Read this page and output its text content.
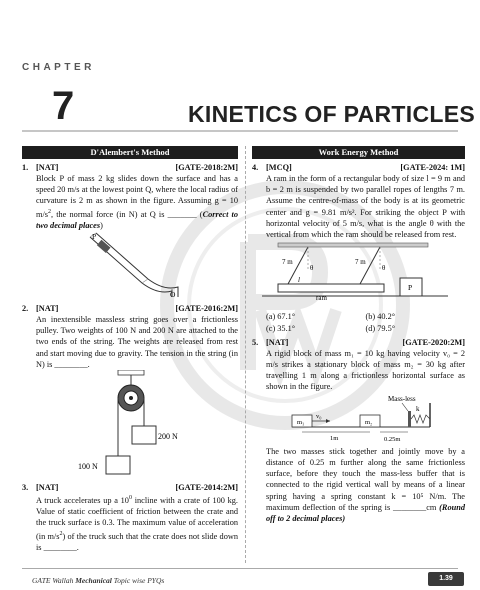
CHAPTER
7	KINETICS OF PARTICLES
D'Alembert's Method
1. [NAT]	[GATE-2018:2M]
Block P of mass 2 kg slides down the surface and has a speed 20 m/s at the lowest point Q, where the local radius of curvature is 2 m as shown in the figure. Assuming g = 10 $m/s^2$, the normal force (in N) at Q is _______ (Correct to two decimal places)
P
Q
2. [NAT]	[GATE-2016:2M]
An inextensible massless string goes over a frictionless pulley. Two weights of 100 N and 200 N are attached to the two ends of the string. The weights are released from rest and start moving due to gravity. The tension in the string (in N) is ________.
200 N
100 N
3. [NAT]	[GATE-2014:2M]
A truck accelerates up a $10^0$ incline with a crate of 100 kg. Value of static coefficient of friction between the crate and the truck surface is 0.3. The maximum value of acceleration (in $m/s^2$) of the truck such that the crate does not slide down is ________.
Work Energy Method
4. [MCQ]	[GATE-2024: 1M]
A ram in the form of a rectangular body of size l = 9 m and b = 2 m is suspended by two parallel ropes of lengths 7 m. Assume the centre-of-mass of the body is at its geometric center and g = 9.81 m/s². For striking the object P with horizontal velocity of 5 m/s, what is the angle θ with the vertical from which the ram should be released from rest.
7 m	7 m
θ	θ
l
ram
P
(a) 67.1°	(b) 40.2°
(c) 35.1°	(d) 79.5°
5. [NAT]	[GATE-2020:2M]
A rigid block of mass m₁ = 10 kg having velocity v₀ = 2 m/s strikes a stationary block of mass m₂ = 30 kg after travelling 1 m along a frictionless horizontal surface as shown in the figure.
Mass-less
m₁
v₀
m₂
k
1m	0.25m
The two masses stick together and jointly move by a distance of 0.25 m further along the same frictionless surface, before they touch the mass-less buffer that is connected to the rigid vertical wall by means of a linear spring having a spring constant k = 10⁵ N/m. The maximum deflection of the spring is ________cm (Round off to 2 decimal places)
GATE Wallah Mechanical Topic wise PYQs	1.39
